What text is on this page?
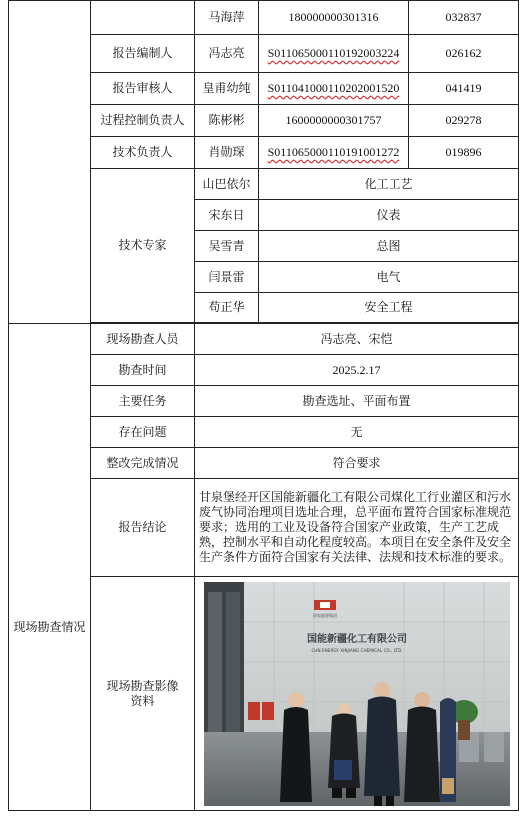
		马海萍	180000000301316	032837
	报告编制人	冯志亮	S011065000110192003224	026162
	报告审核人	皇甫幼纯	S011041000110202001520	041419
	过程控制负责人	陈彬彬	1600000000301757	029278
	技术负责人	肖勋琛	S011065000110191001272	019896
	技术专家	山巴依尔	化工工艺	
		宋东日	仪表	
		吴雪青	总图	
		闫景雷	电气	
		苟正华	安全工程	

现场勘查情况	现场勘查人员	冯志亮、宋恺		
	勘查时间	2025.2.17		
	主要任务	勘查选址、平面布置		
	存在问题	无		
	整改完成情况	符合要求		
	报告结论	甘泉堡经开区国能新疆化工有限公司煤化工行业灌区和污水废气协同治理项目选址合理，总平面布置符合国家标准规范要求；选用的工业及设备符合国家产业政策，生产工艺成熟，控制水平和自动化程度较高。本项目在安全条件及安全生产条件方面符合国家有关法律、法规和技术标准的要求。		
	现场勘查影像资料	国家能源集团
国能新疆化工有限公司
CHN ENERGY XINJIANG CHEMICAL CO., LTD.		
